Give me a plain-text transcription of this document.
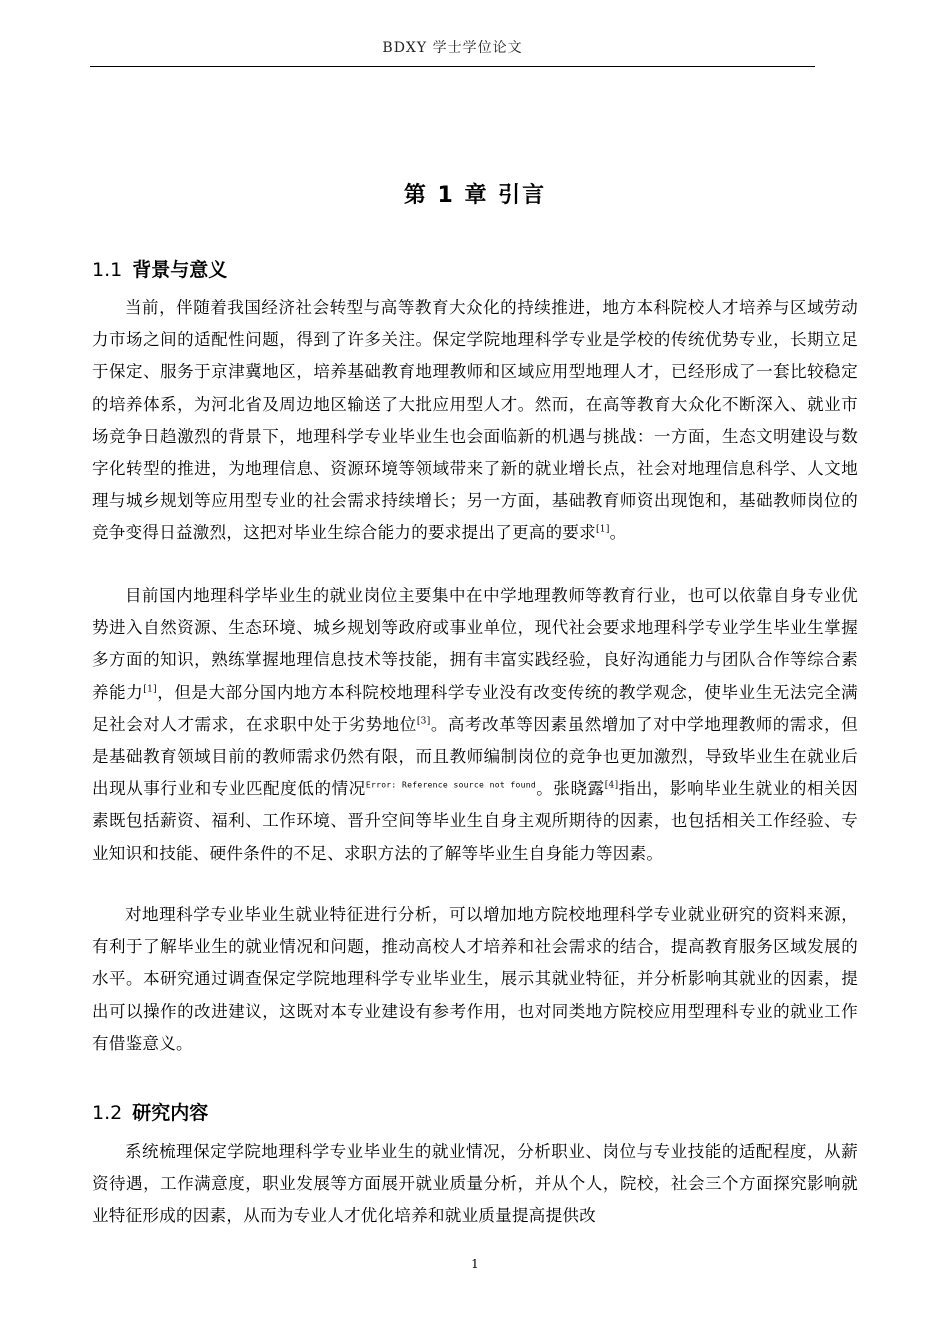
BDXY 学士学位论文
第 1 章 引言
1.1 背景与意义
当前，伴随着我国经济社会转型与高等教育大众化的持续推进，地方本科院校人才培养与区域劳动力市场之间的适配性问题，得到了许多关注。保定学院地理科学专业是学校的传统优势专业，长期立足于保定、服务于京津冀地区，培养基础教育地理教师和区域应用型地理人才，已经形成了一套比较稳定的培养体系，为河北省及周边地区输送了大批应用型人才。然而，在高等教育大众化不断深入、就业市场竞争日趋激烈的背景下，地理科学专业毕业生也会面临新的机遇与挑战：一方面，生态文明建设与数字化转型的推进，为地理信息、资源环境等领域带来了新的就业增长点，社会对地理信息科学、人文地理与城乡规划等应用型专业的社会需求持续增长；另一方面，基础教育师资出现饱和，基础教师岗位的竞争变得日益激烈，这把对毕业生综合能力的要求提出了更高的要求[1]。
目前国内地理科学毕业生的就业岗位主要集中在中学地理教师等教育行业，也可以依靠自身专业优势进入自然资源、生态环境、城乡规划等政府或事业单位，现代社会要求地理科学专业学生毕业生掌握多方面的知识，熟练掌握地理信息技术等技能，拥有丰富实践经验，良好沟通能力与团队合作等综合素养能力[1]，但是大部分国内地方本科院校地理科学专业没有改变传统的教学观念，使毕业生无法完全满足社会对人才需求，在求职中处于劣势地位[3]。高考改革等因素虽然增加了对中学地理教师的需求，但是基础教育领域目前的教师需求仍然有限，而且教师编制岗位的竞争也更加激烈，导致毕业生在就业后出现从事行业和专业匹配度低的情况$^{Error: Reference source not found}$。张晓露[4]指出，影响毕业生就业的相关因素既包括薪资、福利、工作环境、晋升空间等毕业生自身主观所期待的因素，也包括相关工作经验、专业知识和技能、硬件条件的不足、求职方法的了解等毕业生自身能力等因素。
对地理科学专业毕业生就业特征进行分析，可以增加地方院校地理科学专业就业研究的资料来源，有利于了解毕业生的就业情况和问题，推动高校人才培养和社会需求的结合，提高教育服务区域发展的水平。本研究通过调查保定学院地理科学专业毕业生，展示其就业特征，并分析影响其就业的因素，提出可以操作的改进建议，这既对本专业建设有参考作用，也对同类地方院校应用型理科专业的就业工作有借鉴意义。
1.2 研究内容
系统梳理保定学院地理科学专业毕业生的就业情况，分析职业、岗位与专业技能的适配程度，从薪资待遇，工作满意度，职业发展等方面展开就业质量分析，并从个人，院校，社会三个方面探究影响就业特征形成的因素，从而为专业人才优化培养和就业质量提高提供改
1
